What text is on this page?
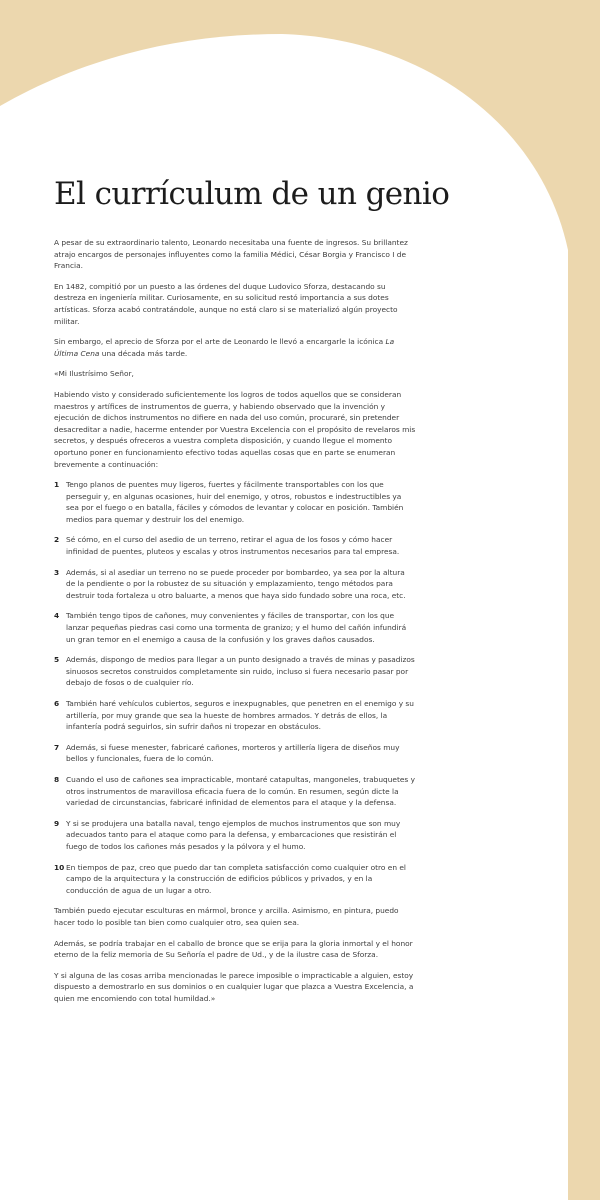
El currículum de un genio

A pesar de su extraordinario talento, Leonardo necesitaba una fuente de ingresos. Su brillantez atrajo encargos de personajes influyentes como la familia Médici, César Borgia y Francisco I de Francia.

En 1482, compitió por un puesto a las órdenes del duque Ludovico Sforza, destacando su destreza en ingeniería militar. Curiosamente, en su solicitud restó importancia a sus dotes artísticas. Sforza acabó contratándole, aunque no está claro si se materializó algún proyecto militar.

Sin embargo, el aprecio de Sforza por el arte de Leonardo le llevó a encargarle la icónica La Última Cena una década más tarde.

«Mi Ilustrísimo Señor,

Habiendo visto y considerado suficientemente los logros de todos aquellos que se consideran maestros y artífices de instrumentos de guerra, y habiendo observado que la invención y ejecución de dichos instrumentos no difiere en nada del uso común, procuraré, sin pretender desacreditar a nadie, hacerme entender por Vuestra Excelencia con el propósito de revelaros mis secretos, y después ofreceros a vuestra completa disposición, y cuando llegue el momento oportuno poner en funcionamiento efectivo todas aquellas cosas que en parte se enumeran brevemente a continuación:

1 Tengo planos de puentes muy ligeros, fuertes y fácilmente transportables con los que perseguir y, en algunas ocasiones, huir del enemigo, y otros, robustos e indestructibles ya sea por el fuego o en batalla, fáciles y cómodos de levantar y colocar en posición. También medios para quemar y destruir los del enemigo.
2 Sé cómo, en el curso del asedio de un terreno, retirar el agua de los fosos y cómo hacer infinidad de puentes, pluteos y escalas y otros instrumentos necesarios para tal empresa.
3 Además, si al asediar un terreno no se puede proceder por bombardeo, ya sea por la altura de la pendiente o por la robustez de su situación y emplazamiento, tengo métodos para destruir toda fortaleza u otro baluarte, a menos que haya sido fundado sobre una roca, etc.
4 También tengo tipos de cañones, muy convenientes y fáciles de transportar, con los que lanzar pequeñas piedras casi como una tormenta de granizo; y el humo del cañón infundirá un gran temor en el enemigo a causa de la confusión y los graves daños causados.
5 Además, dispongo de medios para llegar a un punto designado a través de minas y pasadizos sinuosos secretos construidos completamente sin ruido, incluso si fuera necesario pasar por debajo de fosos o de cualquier río.
6 También haré vehículos cubiertos, seguros e inexpugnables, que penetren en el enemigo y su artillería, por muy grande que sea la hueste de hombres armados. Y detrás de ellos, la infantería podrá seguirlos, sin sufrir daños ni tropezar en obstáculos.
7 Además, si fuese menester, fabricaré cañones, morteros y artillería ligera de diseños muy bellos y funcionales, fuera de lo común.
8 Cuando el uso de cañones sea impracticable, montaré catapultas, mangoneles, trabuquetes y otros instrumentos de maravillosa eficacia fuera de lo común. En resumen, según dicte la variedad de circunstancias, fabricaré infinidad de elementos para el ataque y la defensa.
9 Y si se produjera una batalla naval, tengo ejemplos de muchos instrumentos que son muy adecuados tanto para el ataque como para la defensa, y embarcaciones que resistirán el fuego de todos los cañones más pesados y la pólvora y el humo.
10 En tiempos de paz, creo que puedo dar tan completa satisfacción como cualquier otro en el campo de la arquitectura y la construcción de edificios públicos y privados, y en la conducción de agua de un lugar a otro.

También puedo ejecutar esculturas en mármol, bronce y arcilla. Asimismo, en pintura, puedo hacer todo lo posible tan bien como cualquier otro, sea quien sea.

Además, se podría trabajar en el caballo de bronce que se erija para la gloria inmortal y el honor eterno de la feliz memoria de Su Señoría el padre de Ud., y de la ilustre casa de Sforza.

Y si alguna de las cosas arriba mencionadas le parece imposible o impracticable a alguien, estoy dispuesto a demostrarlo en sus dominios o en cualquier lugar que plazca a Vuestra Excelencia, a quien me encomiendo con total humildad.»
